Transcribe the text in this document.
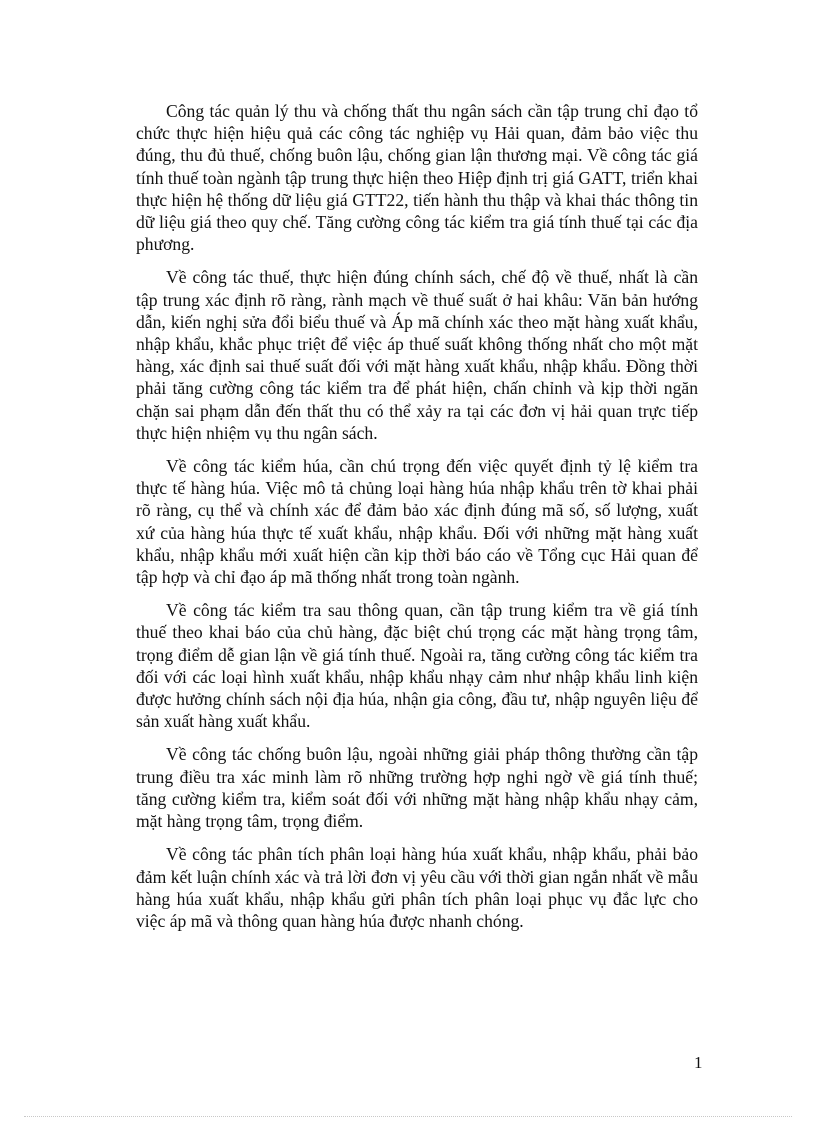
Công tác quản lý thu và chống thất thu ngân sách cần tập trung chỉ đạo tổ chức thực hiện hiệu quả các công tác nghiệp vụ Hải quan, đảm bảo việc thu đúng, thu đủ thuế, chống buôn lậu, chống gian lận thương mại. Về công tác giá tính thuế toàn ngành tập trung thực hiện theo Hiệp định trị giá GATT, triển khai thực hiện hệ thống dữ liệu giá GTT22, tiến hành thu thập và khai thác thông tin dữ liệu giá theo quy chế. Tăng cường công tác kiểm tra giá tính thuế tại các địa phương.

Về công tác thuế, thực hiện đúng chính sách, chế độ về thuế, nhất là cần tập trung xác định rõ ràng, rành mạch về thuế suất ở hai khâu: Văn bản hướng dẫn, kiến nghị sửa đổi biểu thuế và Áp mã chính xác theo mặt hàng xuất khẩu, nhập khẩu, khắc phục triệt để việc áp thuế suất không thống nhất cho một mặt hàng, xác định sai thuế suất đối với mặt hàng xuất khẩu, nhập khẩu. Đồng thời phải tăng cường công tác kiểm tra để phát hiện, chấn chỉnh và kịp thời ngăn chặn sai phạm dẫn đến thất thu có thể xảy ra tại các đơn vị hải quan trực tiếp thực hiện nhiệm vụ thu ngân sách.

Về công tác kiểm húa, cần chú trọng đến việc quyết định tỷ lệ kiểm tra thực tế hàng húa. Việc mô tả chủng loại hàng húa nhập khẩu trên tờ khai phải rõ ràng, cụ thể và chính xác để đảm bảo xác định đúng mã số, số lượng, xuất xứ của hàng húa thực tế xuất khẩu, nhập khẩu. Đối với những mặt hàng xuất khẩu, nhập khẩu mới xuất hiện cần kịp thời báo cáo về Tổng cục Hải quan để tập hợp và chỉ đạo áp mã thống nhất trong toàn ngành.

Về công tác kiểm tra sau thông quan, cần tập trung kiểm tra về giá tính thuế theo khai báo của chủ hàng, đặc biệt chú trọng các mặt hàng trọng tâm, trọng điểm dễ gian lận về giá tính thuế. Ngoài ra, tăng cường công tác kiểm tra đối với các loại hình xuất khẩu, nhập khẩu nhạy cảm như nhập khẩu linh kiện được hưởng chính sách nội địa húa, nhận gia công, đầu tư, nhập nguyên liệu để sản xuất hàng xuất khẩu.

Về công tác chống buôn lậu, ngoài những giải pháp thông thường cần tập trung điều tra xác minh làm rõ những trường hợp nghi ngờ về giá tính thuế; tăng cường kiểm tra, kiểm soát đối với những mặt hàng nhập khẩu nhạy cảm, mặt hàng trọng tâm, trọng điểm.

Về công tác phân tích phân loại hàng húa xuất khẩu, nhập khẩu, phải bảo đảm kết luận chính xác và trả lời đơn vị yêu cầu với thời gian ngắn nhất về mẫu hàng húa xuất khẩu, nhập khẩu gửi phân tích phân loại phục vụ đắc lực cho việc áp mã và thông quan hàng húa được nhanh chóng.

1
